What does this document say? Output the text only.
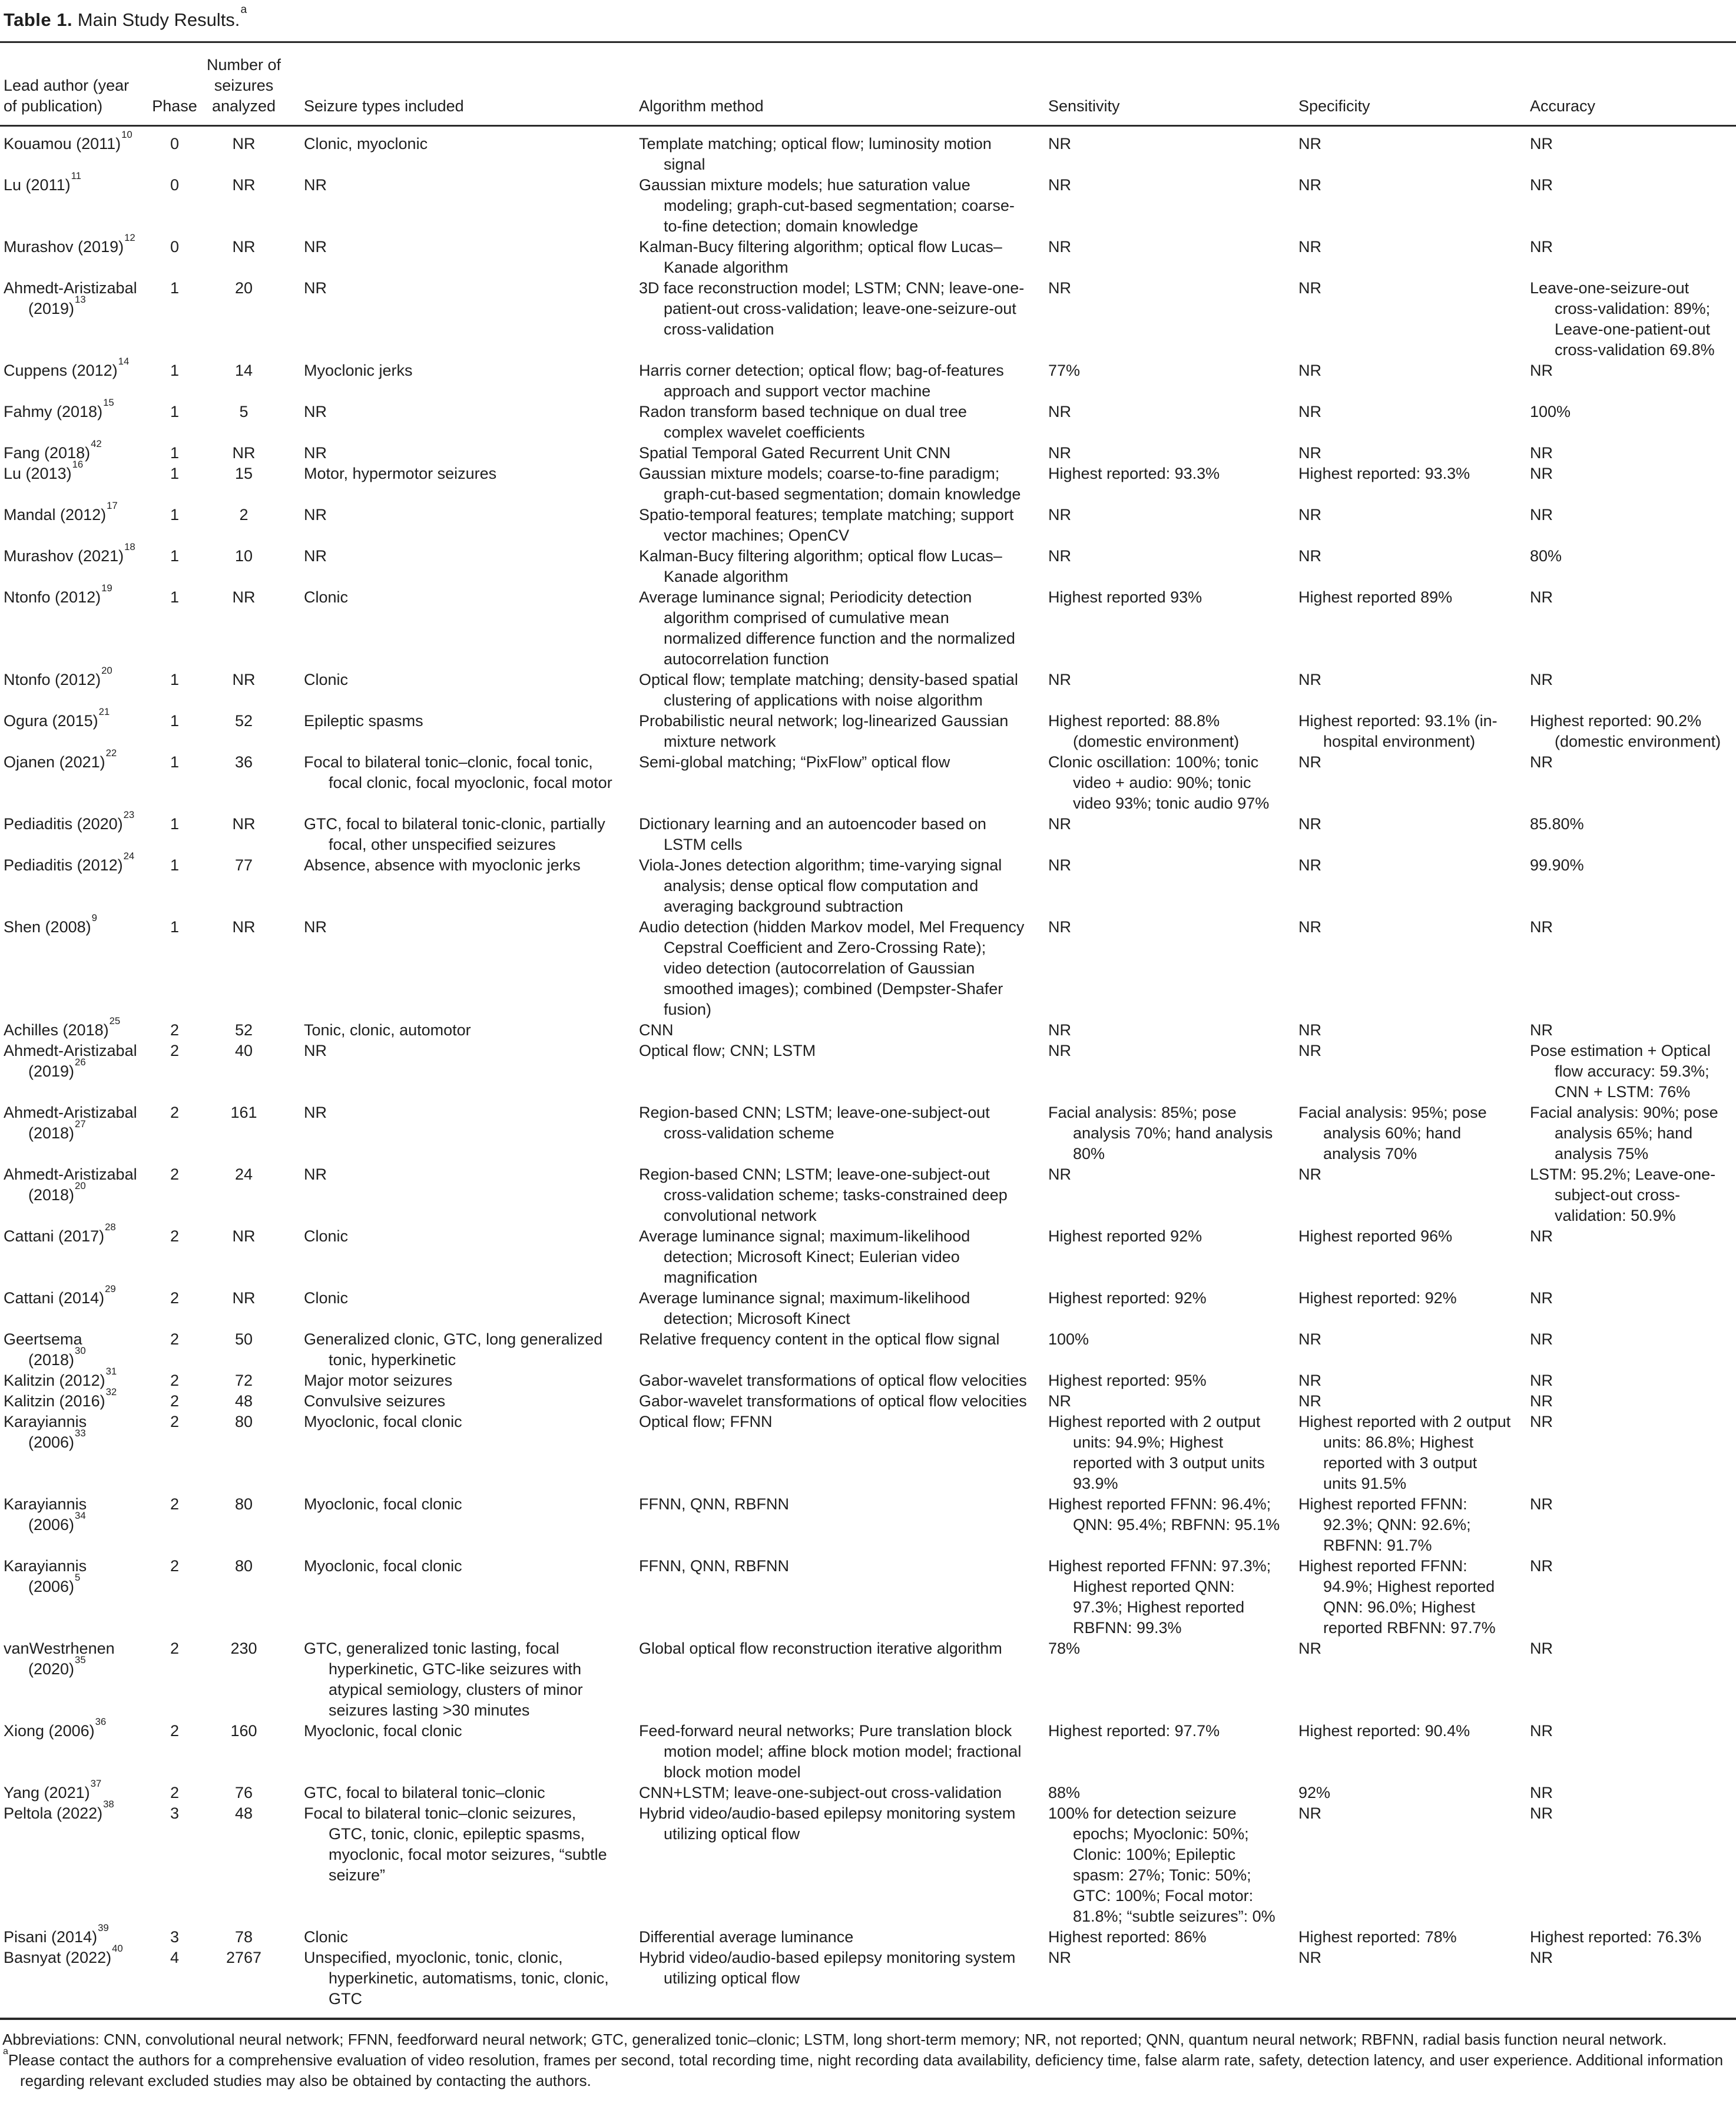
Table 1. Main Study Results.$^a$
Lead author (year of publication)	Phase	Number of seizures analyzed	Seizure types included	Algorithm method	Sensitivity	Specificity	Accuracy
Kouamou (2011)$^{10}$	0	NR	Clonic, myoclonic	Template matching; optical flow; luminosity motion signal	NR	NR	NR
Lu (2011)$^{11}$	0	NR	NR	Gaussian mixture models; hue saturation value modeling; graph-cut-based segmentation; coarse-to-fine detection; domain knowledge	NR	NR	NR
Murashov (2019)$^{12}$	0	NR	NR	Kalman-Bucy filtering algorithm; optical flow Lucas–Kanade algorithm	NR	NR	NR
Ahmedt-Aristizabal (2019)$^{13}$	1	20	NR	3D face reconstruction model; LSTM; CNN; leave-one-patient-out cross-validation; leave-one-seizure-out cross-validation	NR	NR	Leave-one-seizure-out cross-validation: 89%; Leave-one-patient-out cross-validation 69.8%
Cuppens (2012)$^{14}$	1	14	Myoclonic jerks	Harris corner detection; optical flow; bag-of-features approach and support vector machine	77%	NR	NR
Fahmy (2018)$^{15}$	1	5	NR	Radon transform based technique on dual tree complex wavelet coefficients	NR	NR	100%
Fang (2018)$^{42}$	1	NR	NR	Spatial Temporal Gated Recurrent Unit CNN	NR	NR	NR
Lu (2013)$^{16}$	1	15	Motor, hypermotor seizures	Gaussian mixture models; coarse-to-fine paradigm; graph-cut-based segmentation; domain knowledge	Highest reported: 93.3%	Highest reported: 93.3%	NR
Mandal (2012)$^{17}$	1	2	NR	Spatio-temporal features; template matching; support vector machines; OpenCV	NR	NR	NR
Murashov (2021)$^{18}$	1	10	NR	Kalman-Bucy filtering algorithm; optical flow Lucas–Kanade algorithm	NR	NR	80%
Ntonfo (2012)$^{19}$	1	NR	Clonic	Average luminance signal; Periodicity detection algorithm comprised of cumulative mean normalized difference function and the normalized autocorrelation function	Highest reported 93%	Highest reported 89%	NR
Ntonfo (2012)$^{20}$	1	NR	Clonic	Optical flow; template matching; density-based spatial clustering of applications with noise algorithm	NR	NR	NR
Ogura (2015)$^{21}$	1	52	Epileptic spasms	Probabilistic neural network; log-linearized Gaussian mixture network	Highest reported: 88.8% (domestic environment)	Highest reported: 93.1% (in-hospital environment)	Highest reported: 90.2% (domestic environment)
Ojanen (2021)$^{22}$	1	36	Focal to bilateral tonic–clonic, focal tonic, focal clonic, focal myoclonic, focal motor	Semi-global matching; “PixFlow” optical flow	Clonic oscillation: 100%; tonic video + audio: 90%; tonic video 93%; tonic audio 97%	NR	NR
Pediaditis (2020)$^{23}$	1	NR	GTC, focal to bilateral tonic-clonic, partially focal, other unspecified seizures	Dictionary learning and an autoencoder based on LSTM cells	NR	NR	85.80%
Pediaditis (2012)$^{24}$	1	77	Absence, absence with myoclonic jerks	Viola-Jones detection algorithm; time-varying signal analysis; dense optical flow computation and averaging background subtraction	NR	NR	99.90%
Shen (2008)$^9$	1	NR	NR	Audio detection (hidden Markov model, Mel Frequency Cepstral Coefficient and Zero-Crossing Rate); video detection (autocorrelation of Gaussian smoothed images); combined (Dempster-Shafer fusion)	NR	NR	NR
Achilles (2018)$^{25}$	2	52	Tonic, clonic, automotor	CNN	NR	NR	NR
Ahmedt-Aristizabal (2019)$^{26}$	2	40	NR	Optical flow; CNN; LSTM	NR	NR	Pose estimation + Optical flow accuracy: 59.3%; CNN + LSTM: 76%
Ahmedt-Aristizabal (2018)$^{27}$	2	161	NR	Region-based CNN; LSTM; leave-one-subject-out cross-validation scheme	Facial analysis: 85%; pose analysis 70%; hand analysis 80%	Facial analysis: 95%; pose analysis 60%; hand analysis 70%	Facial analysis: 90%; pose analysis 65%; hand analysis 75%
Ahmedt-Aristizabal (2018)$^{20}$	2	24	NR	Region-based CNN; LSTM; leave-one-subject-out cross-validation scheme; tasks-constrained deep convolutional network	NR	NR	LSTM: 95.2%; Leave-one-subject-out cross-validation: 50.9%
Cattani (2017)$^{28}$	2	NR	Clonic	Average luminance signal; maximum-likelihood detection; Microsoft Kinect; Eulerian video magnification	Highest reported 92%	Highest reported 96%	NR
Cattani (2014)$^{29}$	2	NR	Clonic	Average luminance signal; maximum-likelihood detection; Microsoft Kinect	Highest reported: 92%	Highest reported: 92%	NR
Geertsema (2018)$^{30}$	2	50	Generalized clonic, GTC, long generalized tonic, hyperkinetic	Relative frequency content in the optical flow signal	100%	NR	NR
Kalitzin (2012)$^{31}$	2	72	Major motor seizures	Gabor-wavelet transformations of optical flow velocities	Highest reported: 95%	NR	NR
Kalitzin (2016)$^{32}$	2	48	Convulsive seizures	Gabor-wavelet transformations of optical flow velocities	NR	NR	NR
Karayiannis (2006)$^{33}$	2	80	Myoclonic, focal clonic	Optical flow; FFNN	Highest reported with 2 output units: 94.9%; Highest reported with 3 output units 93.9%	Highest reported with 2 output units: 86.8%; Highest reported with 3 output units 91.5%	NR
Karayiannis (2006)$^{34}$	2	80	Myoclonic, focal clonic	FFNN, QNN, RBFNN	Highest reported FFNN: 96.4%; QNN: 95.4%; RBFNN: 95.1%	Highest reported FFNN: 92.3%; QNN: 92.6%; RBFNN: 91.7%	NR
Karayiannis (2006)$^5$	2	80	Myoclonic, focal clonic	FFNN, QNN, RBFNN	Highest reported FFNN: 97.3%; Highest reported QNN: 97.3%; Highest reported RBFNN: 99.3%	Highest reported FFNN: 94.9%; Highest reported QNN: 96.0%; Highest reported RBFNN: 97.7%	NR
vanWestrhenen (2020)$^{35}$	2	230	GTC, generalized tonic lasting, focal hyperkinetic, GTC-like seizures with atypical semiology, clusters of minor seizures lasting >30 minutes	Global optical flow reconstruction iterative algorithm	78%	NR	NR
Xiong (2006)$^{36}$	2	160	Myoclonic, focal clonic	Feed-forward neural networks; Pure translation block motion model; affine block motion model; fractional block motion model	Highest reported: 97.7%	Highest reported: 90.4%	NR
Yang (2021)$^{37}$	2	76	GTC, focal to bilateral tonic–clonic	CNN+LSTM; leave-one-subject-out cross-validation	88%	92%	NR
Peltola (2022)$^{38}$	3	48	Focal to bilateral tonic–clonic seizures, GTC, tonic, clonic, epileptic spasms, myoclonic, focal motor seizures, “subtle seizure”	Hybrid video/audio-based epilepsy monitoring system utilizing optical flow	100% for detection seizure epochs; Myoclonic: 50%; Clonic: 100%; Epileptic spasm: 27%; Tonic: 50%; GTC: 100%; Focal motor: 81.8%; “subtle seizures”: 0%	NR	NR
Pisani (2014)$^{39}$	3	78	Clonic	Differential average luminance	Highest reported: 86%	Highest reported: 78%	Highest reported: 76.3%
Basnyat (2022)$^{40}$	4	2767	Unspecified, myoclonic, tonic, clonic, hyperkinetic, automatisms, tonic, clonic, GTC	Hybrid video/audio-based epilepsy monitoring system utilizing optical flow	NR	NR	NR

Abbreviations: CNN, convolutional neural network; FFNN, feedforward neural network; GTC, generalized tonic–clonic; LSTM, long short-term memory; NR, not reported; QNN, quantum neural network; RBFNN, radial basis function neural network.

$^a$Please contact the authors for a comprehensive evaluation of video resolution, frames per second, total recording time, night recording data availability, deficiency time, false alarm rate, safety, detection latency, and user experience. Additional information regarding relevant excluded studies may also be obtained by contacting the authors.
